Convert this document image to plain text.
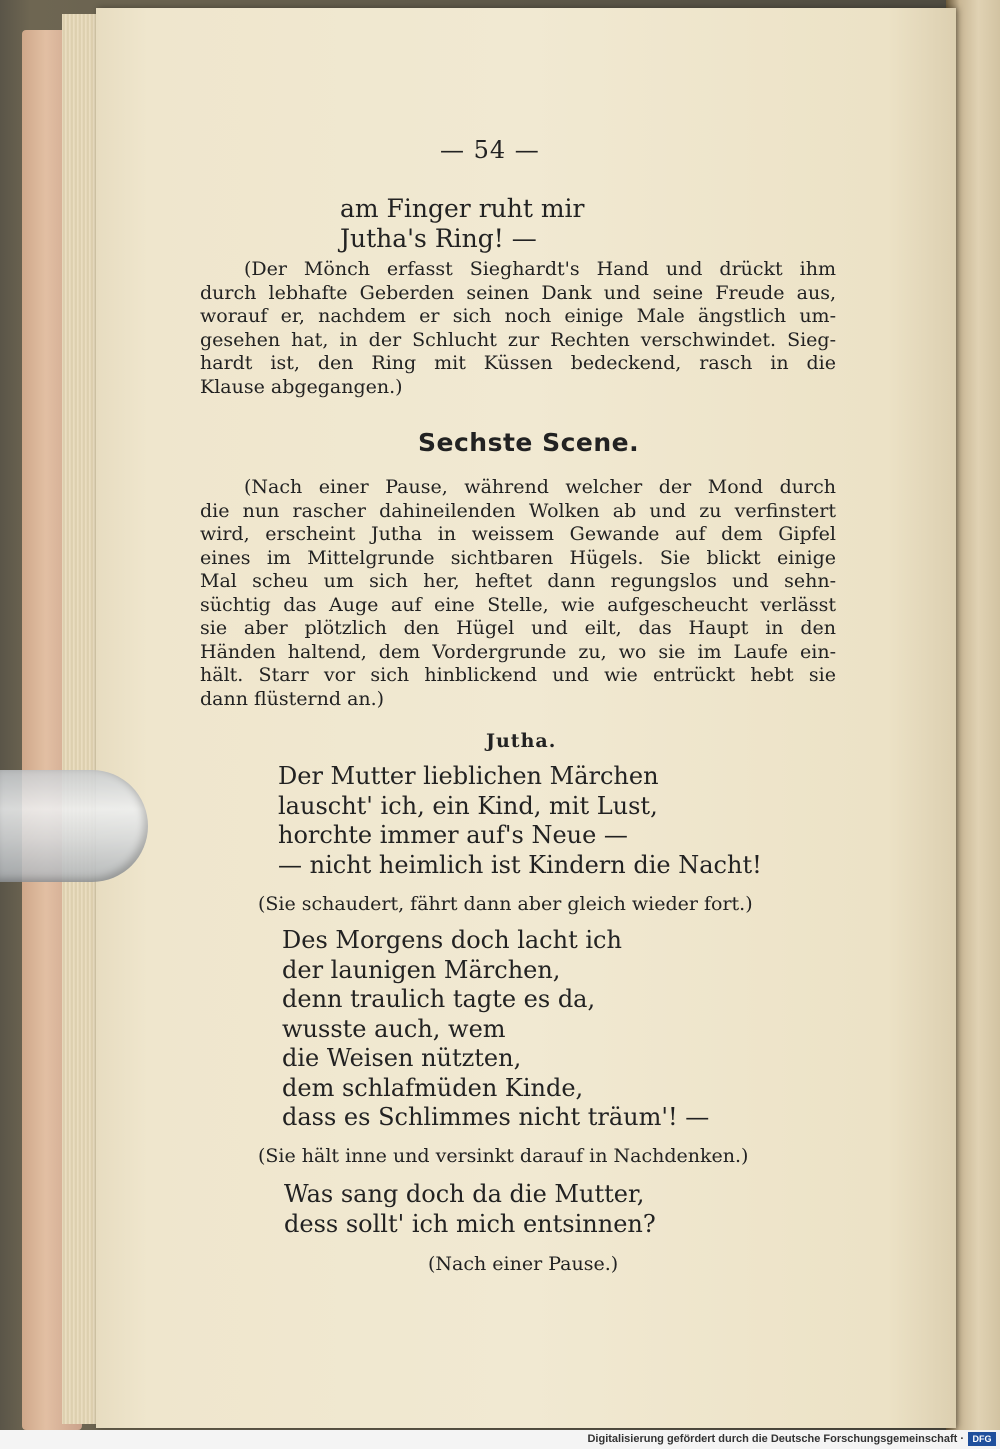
— 54 —
am Finger ruht mir
Jutha's Ring! —
(Der Mönch erfasst Sieghardt's Hand und drückt ihm
durch lebhafte Geberden seinen Dank und seine Freude aus,
worauf er, nachdem er sich noch einige Male ängstlich um-
gesehen hat, in der Schlucht zur Rechten verschwindet. Sieg-
hardt ist, den Ring mit Küssen bedeckend, rasch in die
Klause abgegangen.)
Sechste Scene.
(Nach einer Pause, während welcher der Mond durch
die nun rascher dahineilenden Wolken ab und zu verfinstert
wird, erscheint Jutha in weissem Gewande auf dem Gipfel
eines im Mittelgrunde sichtbaren Hügels. Sie blickt einige
Mal scheu um sich her, heftet dann regungslos und sehn-
süchtig das Auge auf eine Stelle, wie aufgescheucht verlässt
sie aber plötzlich den Hügel und eilt, das Haupt in den
Händen haltend, dem Vordergrunde zu, wo sie im Laufe ein-
hält. Starr vor sich hinblickend und wie entrückt hebt sie
dann flüsternd an.)
Jutha.
Der Mutter lieblichen Märchen
lauscht' ich, ein Kind, mit Lust,
horchte immer auf's Neue —
— nicht heimlich ist Kindern die Nacht!
(Sie schaudert, fährt dann aber gleich wieder fort.)
Des Morgens doch lacht ich
der launigen Märchen,
denn traulich tagte es da,
wusste auch, wem
die Weisen nützten,
dem schlafmüden Kinde,
dass es Schlimmes nicht träum'! —
(Sie hält inne und versinkt darauf in Nachdenken.)
Was sang doch da die Mutter,
dess sollt' ich mich entsinnen?
(Nach einer Pause.)
Digitalisierung gefördert durch die Deutsche Forschungsgemeinschaft · DFG
